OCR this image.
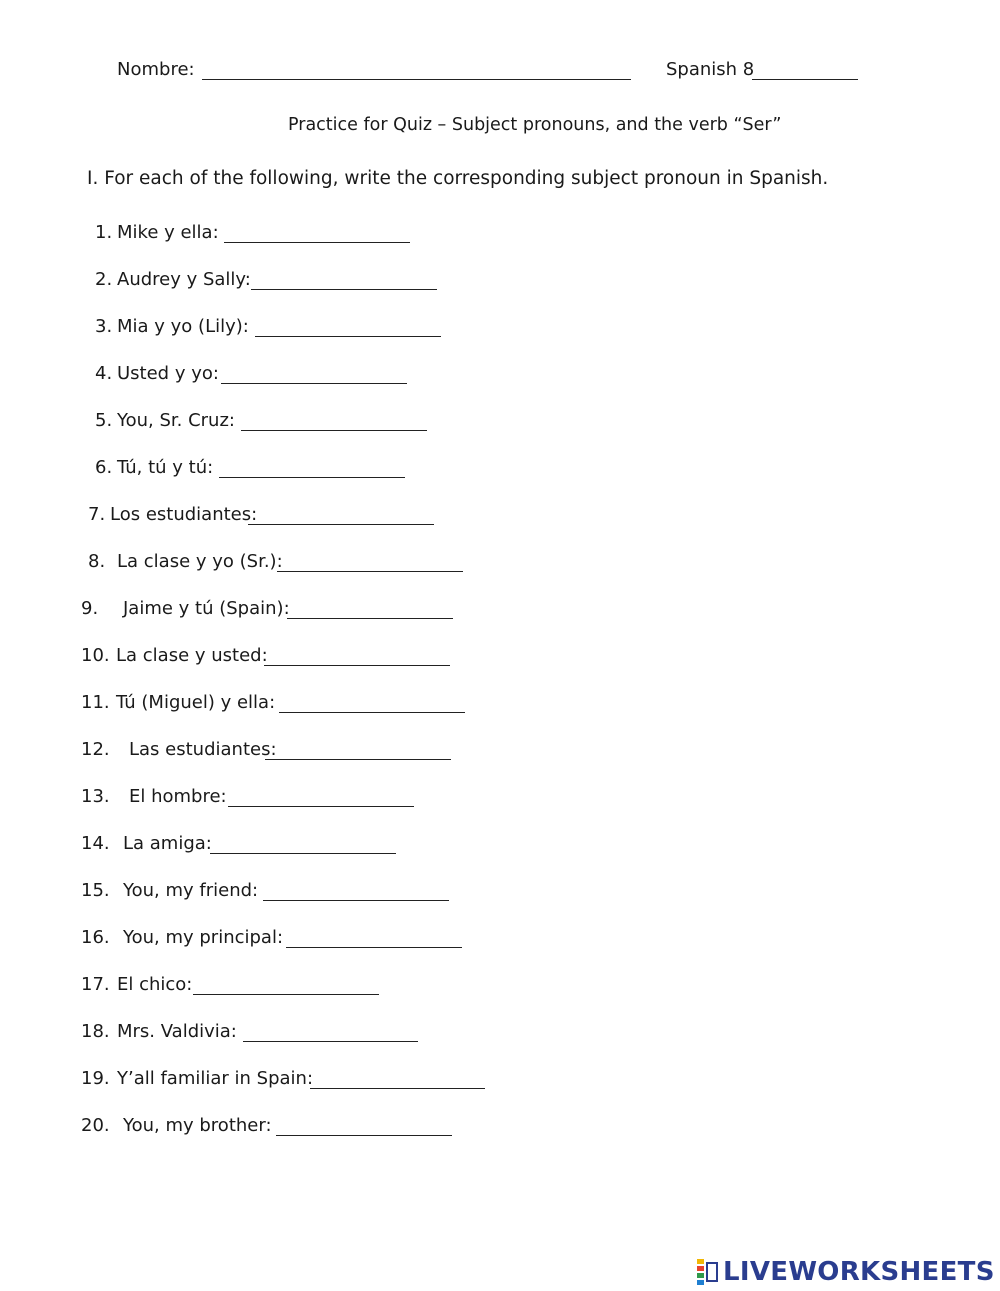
Nombre:	Spanish 8
Practice for Quiz – Subject pronouns, and the verb “Ser”
I. For each of the following, write the corresponding subject pronoun in Spanish.
1. Mike y ella:
2. Audrey y Sally:
3. Mia y yo (Lily):
4. Usted y yo:
5. You, Sr. Cruz:
6. Tú, tú y tú:
7. Los estudiantes:
8. La clase y yo (Sr.):
9. Jaime y tú (Spain):
10. La clase y usted:
11. Tú (Miguel) y ella:
12. Las estudiantes:
13. El hombre:
14. La amiga:
15. You, my friend:
16. You, my principal:
17. El chico:
18. Mrs. Valdivia:
19. Y’all familiar in Spain:
20. You, my brother:
LIVEWORKSHEETS
